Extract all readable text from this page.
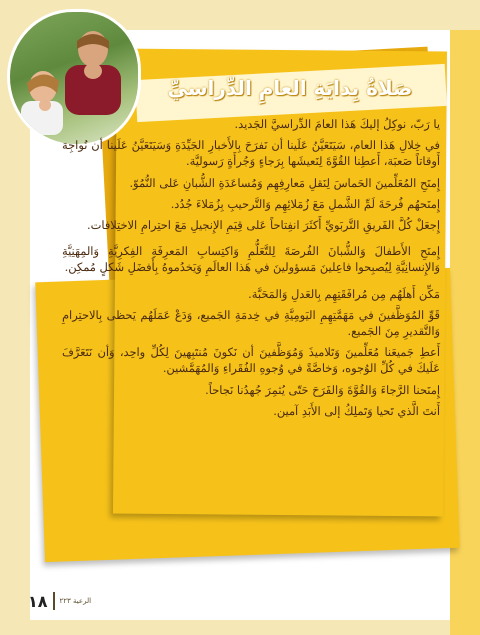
صَلاةُ بِدايَةِ العامِ الدِّراسيِّ

يا رَبّ، نوكِلُ إليكَ هَذا العامَ الدِّراسيَّ الجَديد.

في خِلالِ هَذا العام، سَيَتَعَيَّنُ عَلَينا أن نَفرَحَ بِالأَخبارِ الجَيِّدَةِ وَسَيَتَعَيَّنُ عَلَينا أن نُواجِهَ أَوقاتاً صَعبَة، أَعطِنا القُوَّةَ لِنَعيشَها بِرَجاءٍ وَجُرأَةٍ رَسوليَّة.

إِمنَحِ المُعَلِّمينَ الحَماسَ لِنَقلِ مَعارِفِهِم وَمُساعَدَةِ الشُّبانِ عَلى النُّمُوّ.

إِمنَحهُم فُرحَةَ لَمِّ الشَّملِ مَعَ زُمَلائِهِم وَالتَّرحيبِ بِزُمَلاءَ جُدُد.

إِجعَلْ كُلَّ الفَريقِ التَّربَويِّ أَكثَرَ انفِتاحاً عَلى قِيَمِ الإِنجيلِ مَعَ احتِرامِ الاختِلافات.

إِمنَحِ الأَطفالَ وَالشُّبانَ الفُرصَةَ لِلتَّعَلُّمِ وَاكتِسابِ المَعرِفَةِ الفِكرِيَّةِ وَالمِهَنِيَّةِ وَالإِنسانِيَّةِ لِيُصبِحوا فاعِلينَ مَسؤولينَ في هَذا العالَمِ وَيَخدُموهُ بِأَفضَلِ شَكلٍ مُمكِن.

مَكِّن أَهلَهُم مِن مُرافَقَتِهِم بِالعَدلِ وَالمَحَبَّة.

قَوِّ المُوَظَّفينَ في مَهَمَّتِهِمِ اليَومِيَّةِ في خِدمَةِ الجَميع، وَدَعْ عَمَلَهُم يَحظى بِالاحتِرامِ وَالتَّقديرِ مِنَ الجَميع.

أَعطِ جَميعَنا مُعَلِّمينَ وَتَلاميذَ وَمُوَظَّفينَ أن نَكونَ مُنتَبِهينَ لِكُلِّ واحِد، وَأن نَتَعَرَّفَ عَلَيكَ في كُلِّ الوُجوه، وَخاصَّةً في وُجوهِ الفُقَراءِ وَالمُهَمَّشين.

إِمنَحنا الرَّجاءَ وَالقُوَّةَ وَالفَرَحَ حَتّى يُثمِرَ جُهدُنا نَجاحاً.

أَنتَ الَّذي تَحيا وَتَملِكُ إلى الأَبَدِ آمين.

١٨ الرعية ٢٢٣
